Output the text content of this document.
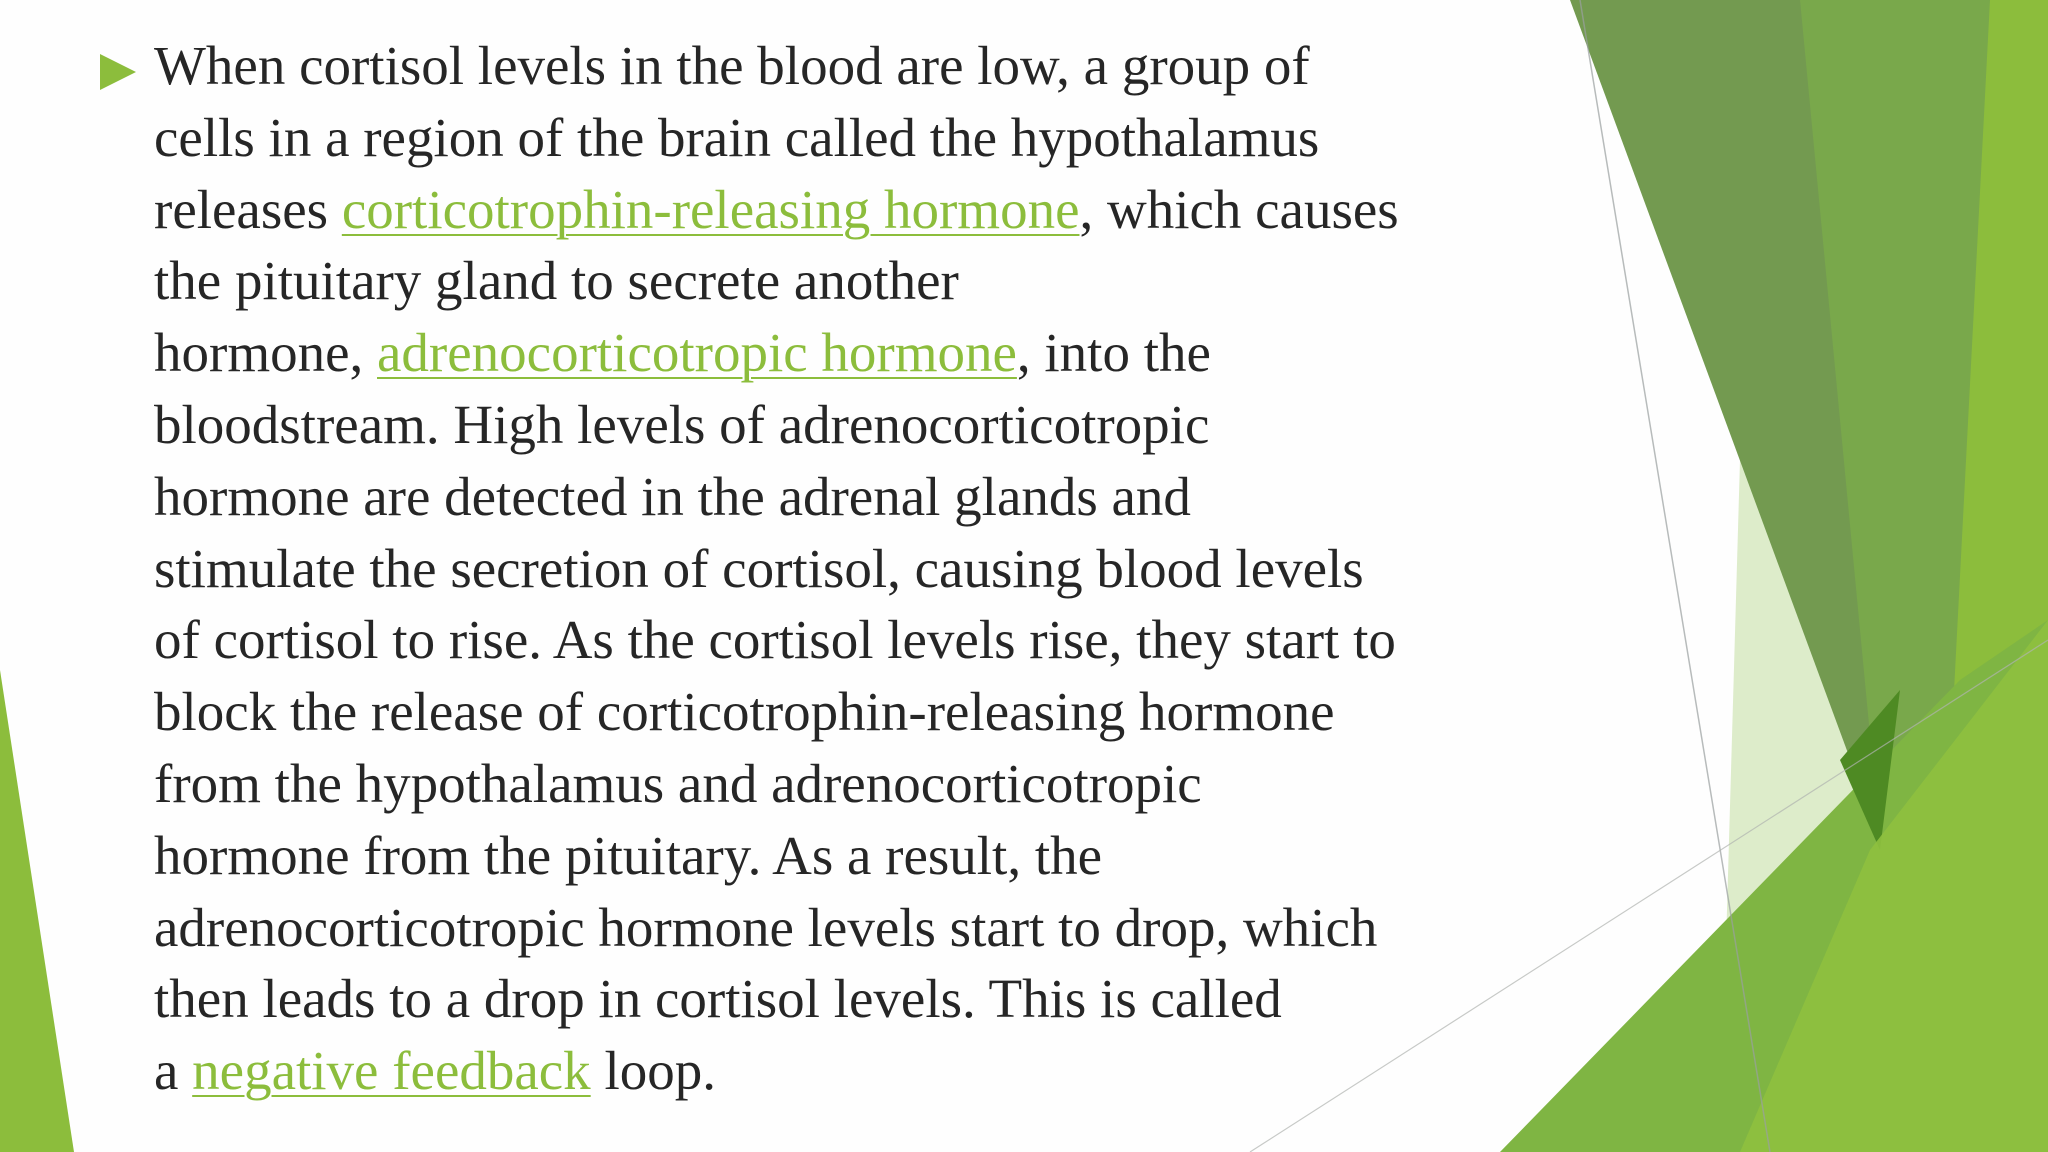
When cortisol levels in the blood are low, a group of
cells in a region of the brain called the hypothalamus
releases corticotrophin-releasing hormone, which causes
the pituitary gland to secrete another
hormone, adrenocorticotropic hormone, into the
bloodstream. High levels of adrenocorticotropic
hormone are detected in the adrenal glands and
stimulate the secretion of cortisol, causing blood levels
of cortisol to rise. As the cortisol levels rise, they start to
block the release of corticotrophin-releasing hormone
from the hypothalamus and adrenocorticotropic
hormone from the pituitary. As a result, the
adrenocorticotropic hormone levels start to drop, which
then leads to a drop in cortisol levels. This is called
a negative feedback loop.
